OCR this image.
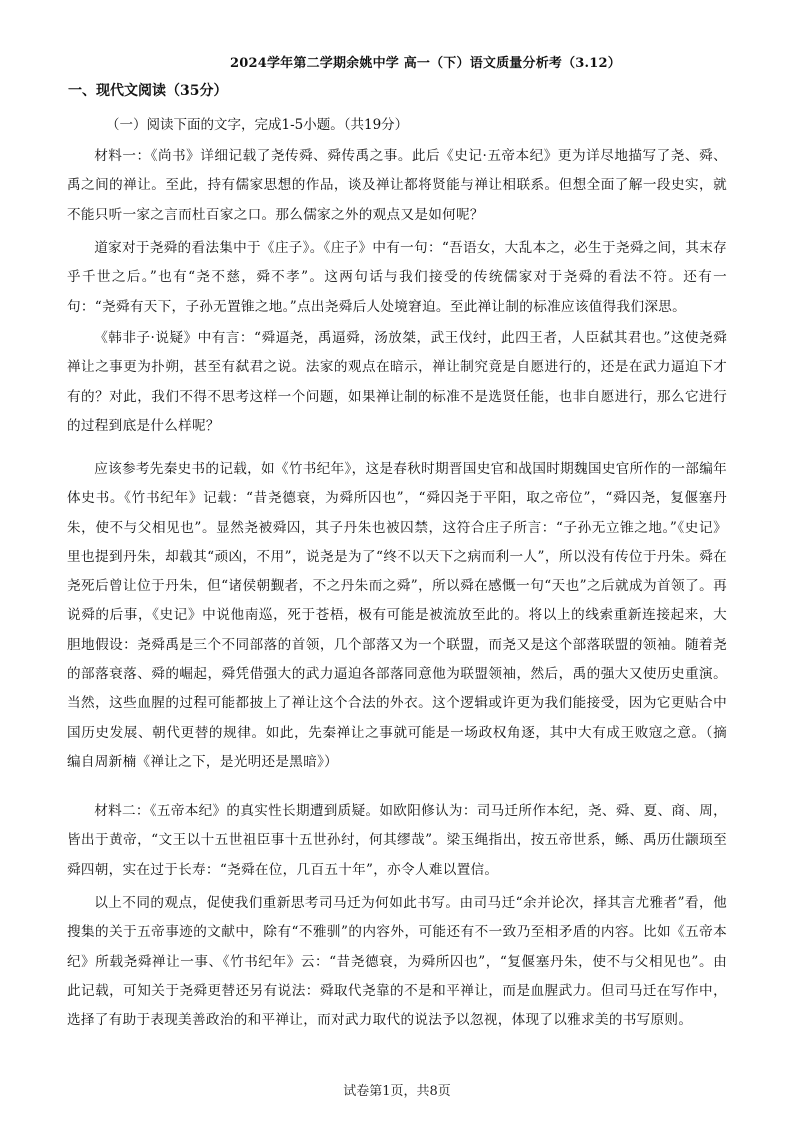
2024学年第二学期余姚中学 高一（下）语文质量分析考（3.12）
一、现代文阅读（35分）
（一）阅读下面的文字，完成1-5小题。（共19分）
材料一：《尚书》详细记载了尧传舜、舜传禹之事。此后《史记·五帝本纪》更为详尽地描写了尧、舜、禹之间的禅让。至此，持有儒家思想的作品，谈及禅让都将贤能与禅让相联系。但想全面了解一段史实，就不能只听一家之言而杜百家之口。那么儒家之外的观点又是如何呢？
道家对于尧舜的看法集中于《庄子》。《庄子》中有一句：“吾语女，大乱本之，必生于尧舜之间，其末存乎千世之后。”也有“尧不慈，舜不孝”。这两句话与我们接受的传统儒家对于尧舜的看法不符。还有一句：“尧舜有天下，子孙无置锥之地。”点出尧舜后人处境窘迫。至此禅让制的标准应该值得我们深思。
《韩非子·说疑》中有言：“舜逼尧，禹逼舜，汤放桀，武王伐纣，此四王者，人臣弑其君也。”这使尧舜禅让之事更为扑朔，甚至有弑君之说。法家的观点在暗示，禅让制究竟是自愿进行的，还是在武力逼迫下才有的？对此，我们不得不思考这样一个问题，如果禅让制的标准不是选贤任能，也非自愿进行，那么它进行的过程到底是什么样呢？
应该参考先秦史书的记载，如《竹书纪年》，这是春秋时期晋国史官和战国时期魏国史官所作的一部编年体史书。《竹书纪年》记载：“昔尧德衰，为舜所囚也”，“舜囚尧于平阳，取之帝位”，“舜囚尧，复偃塞丹朱，使不与父相见也”。显然尧被舜囚，其子丹朱也被囚禁，这符合庄子所言：“子孙无立锥之地。”《史记》里也提到丹朱，却载其“顽凶，不用”，说尧是为了“终不以天下之病而利一人”，所以没有传位于丹朱。舜在尧死后曾让位于丹朱，但“诸侯朝觐者，不之丹朱而之舜”，所以舜在感慨一句“天也”之后就成为首领了。再说舜的后事，《史记》中说他南巡，死于苍梧，极有可能是被流放至此的。将以上的线索重新连接起来，大胆地假设：尧舜禹是三个不同部落的首领，几个部落又为一个联盟，而尧又是这个部落联盟的领袖。随着尧的部落衰落、舜的崛起，舜凭借强大的武力逼迫各部落同意他为联盟领袖，然后，禹的强大又使历史重演。当然，这些血腥的过程可能都披上了禅让这个合法的外衣。这个逻辑或许更为我们能接受，因为它更贴合中国历史发展、朝代更替的规律。如此，先秦禅让之事就可能是一场政权角逐，其中大有成王败寇之意。（摘编自周新楠《禅让之下，是光明还是黑暗》）
材料二：《五帝本纪》的真实性长期遭到质疑。如欧阳修认为：司马迁所作本纪，尧、舜、夏、商、周，皆出于黄帝，“文王以十五世祖臣事十五世孙纣，何其缪哉”。梁玉绳指出，按五帝世系，鲧、禹历仕颛顼至舜四朝，实在过于长寿：“尧舜在位，几百五十年”，亦令人难以置信。
以上不同的观点，促使我们重新思考司马迁为何如此书写。由司马迁“余并论次，择其言尤雅者”看，他搜集的关于五帝事迹的文献中，除有“不雅驯”的内容外，可能还有不一致乃至相矛盾的内容。比如《五帝本纪》所载尧舜禅让一事、《竹书纪年》云：“昔尧德衰，为舜所囚也”，“复偃塞丹朱，使不与父相见也”。由此记载，可知关于尧舜更替还另有说法：舜取代尧靠的不是和平禅让，而是血腥武力。但司马迁在写作中，选择了有助于表现美善政治的和平禅让，而对武力取代的说法予以忽视，体现了以雅求美的书写原则。
试卷第1页，共8页
